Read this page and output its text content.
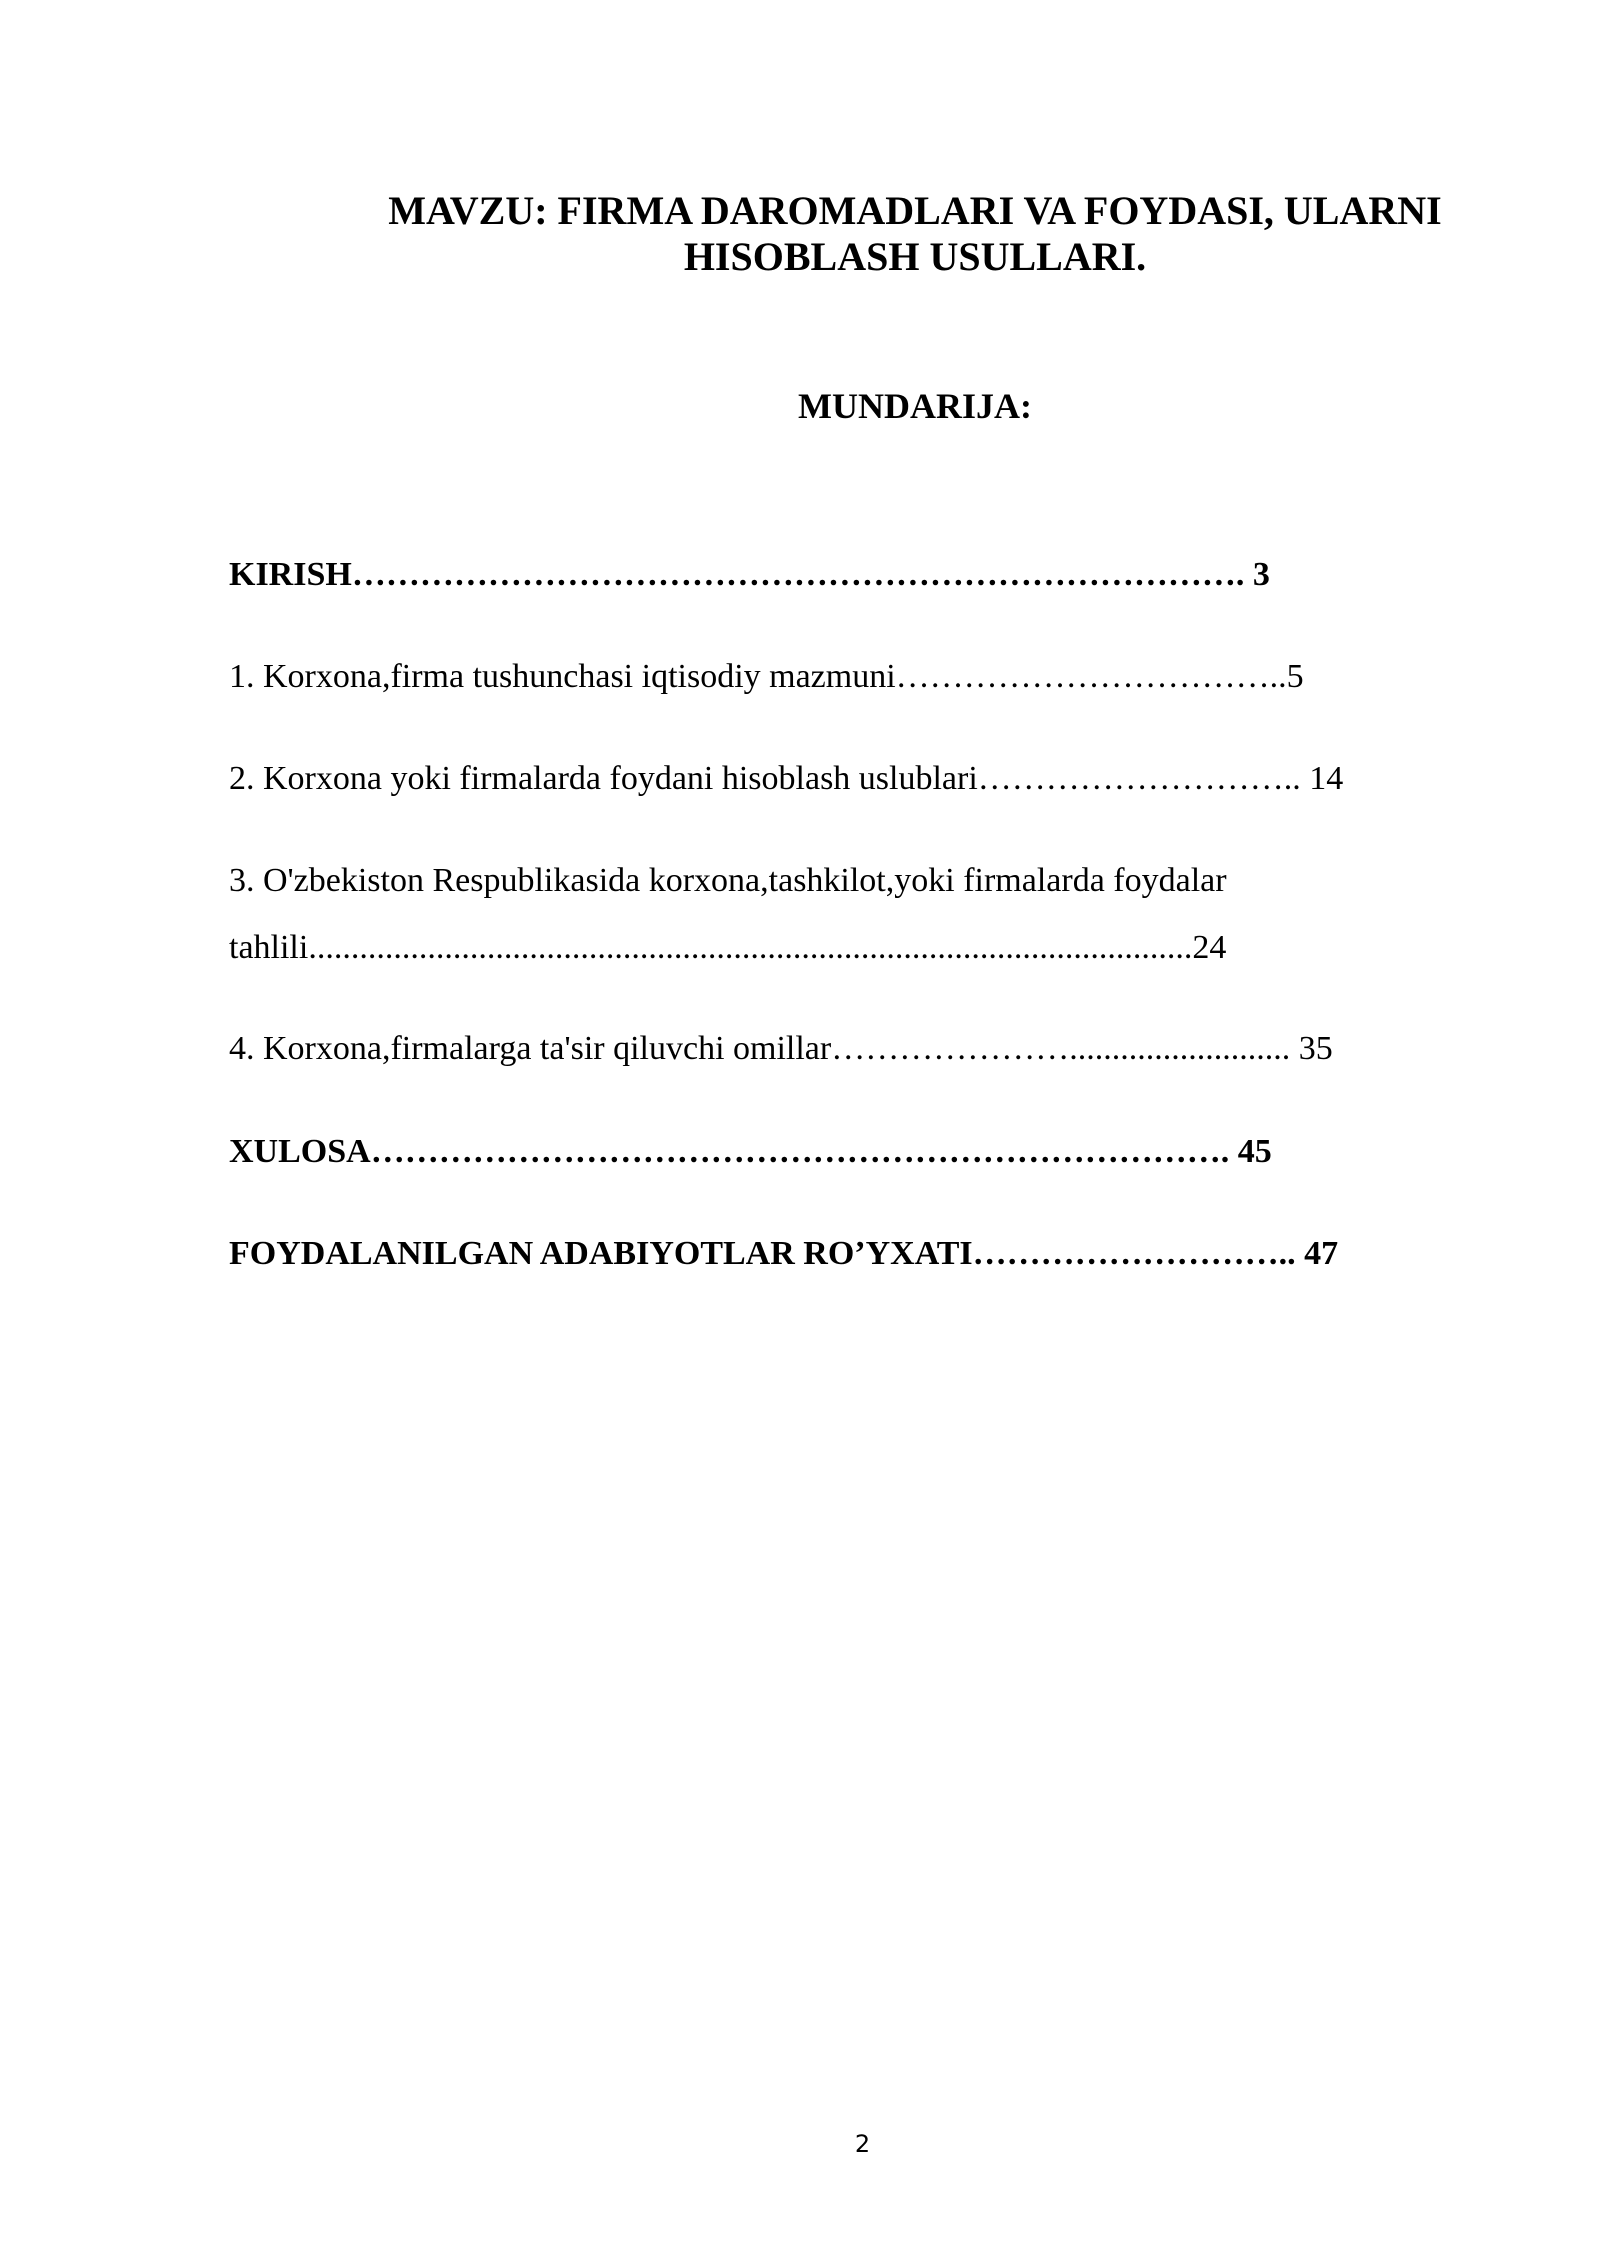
MAVZU: FIRMA DAROMADLARI VA FOYDASI, ULARNI
HISOBLASH USULLARI.
MUNDARIJA:

KIRISH……………………………………………………………………. 3

1. Korxona,firma tushunchasi iqtisodiy mazmuni……………………………..5

2. Korxona yoki firmalarda foydani hisoblash uslublari……………………….. 14

3. O'zbekiston Respublikasida korxona,tashkilot,yoki firmalarda foydalar

tahlili........................................................................................................24

4. Korxona,firmalarga ta'sir qiluvchi omillar………………….......................... 35

XULOSA…………………………………………………………………. 45

FOYDALANILGAN ADABIYOTLAR RO’YXATI……………………….. 47

2
